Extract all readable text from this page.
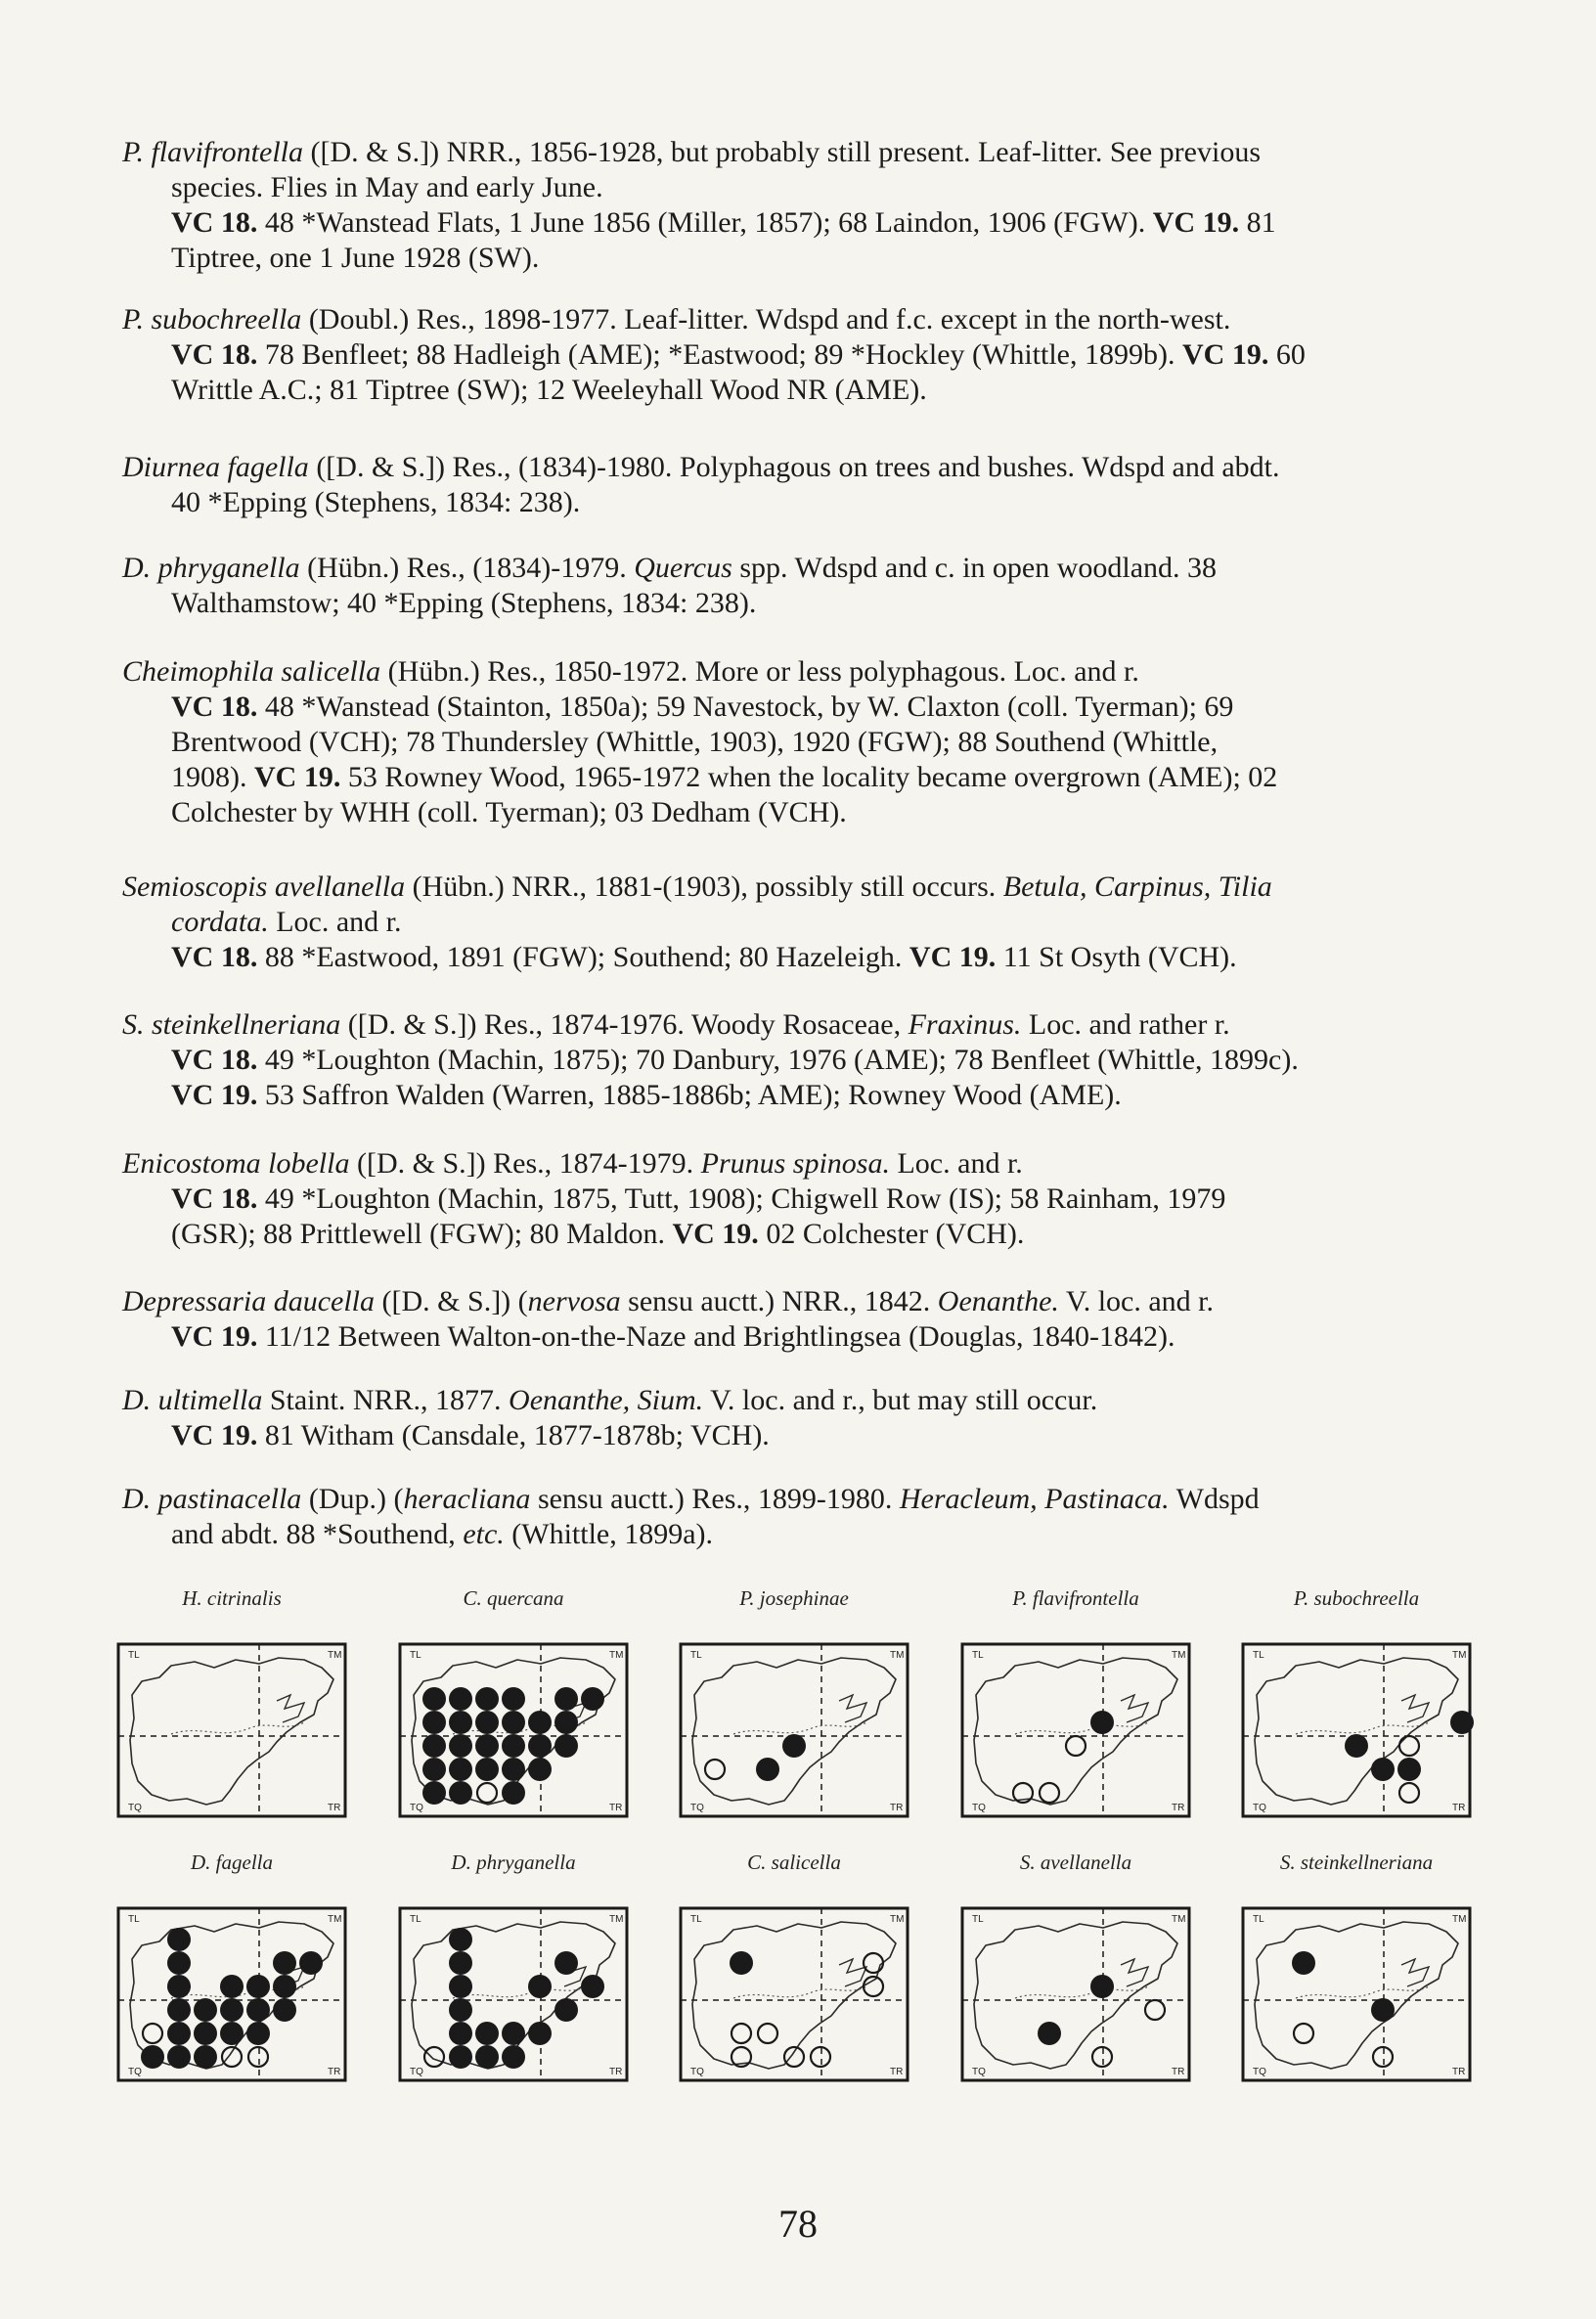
P. flavifrontella ([D. & S.]) NRR., 1856-1928, but probably still present. Leaf-litter. See previous
species. Flies in May and early June.
VC 18. 48 *Wanstead Flats, 1 June 1856 (Miller, 1857); 68 Laindon, 1906 (FGW). VC 19. 81
Tiptree, one 1 June 1928 (SW).
P. subochreella (Doubl.) Res., 1898-1977. Leaf-litter. Wdspd and f.c. except in the north-west.
VC 18. 78 Benfleet; 88 Hadleigh (AME); *Eastwood; 89 *Hockley (Whittle, 1899b). VC 19. 60
Writtle A.C.; 81 Tiptree (SW); 12 Weeleyhall Wood NR (AME).
Diurnea fagella ([D. & S.]) Res., (1834)-1980. Polyphagous on trees and bushes. Wdspd and abdt.
40 *Epping (Stephens, 1834: 238).
D. phryganella (Hübn.) Res., (1834)-1979. Quercus spp. Wdspd and c. in open woodland. 38
Walthamstow; 40 *Epping (Stephens, 1834: 238).
Cheimophila salicella (Hübn.) Res., 1850-1972. More or less polyphagous. Loc. and r.
VC 18. 48 *Wanstead (Stainton, 1850a); 59 Navestock, by W. Claxton (coll. Tyerman); 69
Brentwood (VCH); 78 Thundersley (Whittle, 1903), 1920 (FGW); 88 Southend (Whittle,
1908). VC 19. 53 Rowney Wood, 1965-1972 when the locality became overgrown (AME); 02
Colchester by WHH (coll. Tyerman); 03 Dedham (VCH).
Semioscopis avellanella (Hübn.) NRR., 1881-(1903), possibly still occurs. Betula, Carpinus, Tilia
cordata. Loc. and r.
VC 18. 88 *Eastwood, 1891 (FGW); Southend; 80 Hazeleigh. VC 19. 11 St Osyth (VCH).
S. steinkellneriana ([D. & S.]) Res., 1874-1976. Woody Rosaceae, Fraxinus. Loc. and rather r.
VC 18. 49 *Loughton (Machin, 1875); 70 Danbury, 1976 (AME); 78 Benfleet (Whittle, 1899c).
VC 19. 53 Saffron Walden (Warren, 1885-1886b; AME); Rowney Wood (AME).
Enicostoma lobella ([D. & S.]) Res., 1874-1979. Prunus spinosa. Loc. and r.
VC 18. 49 *Loughton (Machin, 1875, Tutt, 1908); Chigwell Row (IS); 58 Rainham, 1979
(GSR); 88 Prittlewell (FGW); 80 Maldon. VC 19. 02 Colchester (VCH).
Depressaria daucella ([D. & S.]) (nervosa sensu auctt.) NRR., 1842. Oenanthe. V. loc. and r.
VC 19. 11/12 Between Walton-on-the-Naze and Brightlingsea (Douglas, 1840-1842).
D. ultimella Staint. NRR., 1877. Oenanthe, Sium. V. loc. and r., but may still occur.
VC 19. 81 Witham (Cansdale, 1877-1878b; VCH).
D. pastinacella (Dup.) (heracliana sensu auctt.) Res., 1899-1980. Heracleum, Pastinaca. Wdspd
and abdt. 88 *Southend, etc. (Whittle, 1899a).
H. citrinalis
TL	TM
TQ	TR
C. quercana
TL	TM
TQ	TR
P. josephinae
TL	TM
TQ	TR
P. flavifrontella
TL	TM
TQ	TR
P. subochreella
TL	TM
TQ	TR
D. fagella
TL	TM
TQ	TR
D. phryganella
TL	TM
TQ	TR
C. salicella
TL	TM
TQ	TR
S. avellanella
TL	TM
TQ	TR
S. steinkellneriana
TL	TM
TQ	TR
78
